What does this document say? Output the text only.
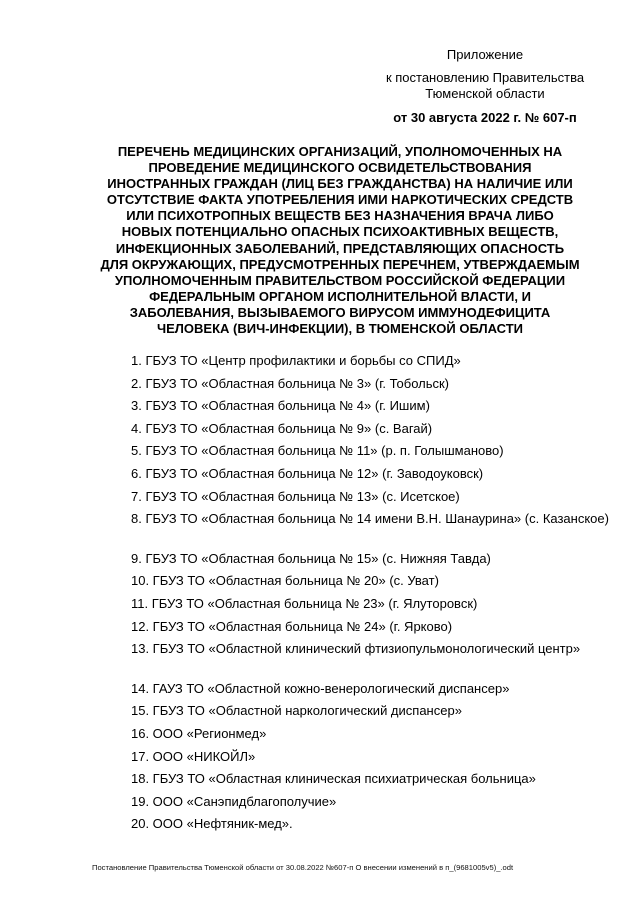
Приложение
к постановлению Правительства
Тюменской области
от 30 августа 2022 г. № 607-п
ПЕРЕЧЕНЬ МЕДИЦИНСКИХ ОРГАНИЗАЦИЙ, УПОЛНОМОЧЕННЫХ НА
ПРОВЕДЕНИЕ МЕДИЦИНСКОГО ОСВИДЕТЕЛЬСТВОВАНИЯ
ИНОСТРАННЫХ ГРАЖДАН (ЛИЦ БЕЗ ГРАЖДАНСТВА) НА НАЛИЧИЕ ИЛИ
ОТСУТСТВИЕ ФАКТА УПОТРЕБЛЕНИЯ ИМИ НАРКОТИЧЕСКИХ СРЕДСТВ
ИЛИ ПСИХОТРОПНЫХ ВЕЩЕСТВ БЕЗ НАЗНАЧЕНИЯ ВРАЧА ЛИБО
НОВЫХ ПОТЕНЦИАЛЬНО ОПАСНЫХ ПСИХОАКТИВНЫХ ВЕЩЕСТВ,
ИНФЕКЦИОННЫХ ЗАБОЛЕВАНИЙ, ПРЕДСТАВЛЯЮЩИХ ОПАСНОСТЬ
ДЛЯ ОКРУЖАЮЩИХ, ПРЕДУСМОТРЕННЫХ ПЕРЕЧНЕМ, УТВЕРЖДАЕМЫМ
УПОЛНОМОЧЕННЫМ ПРАВИТЕЛЬСТВОМ РОССИЙСКОЙ ФЕДЕРАЦИИ
ФЕДЕРАЛЬНЫМ ОРГАНОМ ИСПОЛНИТЕЛЬНОЙ ВЛАСТИ, И
ЗАБОЛЕВАНИЯ, ВЫЗЫВАЕМОГО ВИРУСОМ ИММУНОДЕФИЦИТА
ЧЕЛОВЕКА (ВИЧ-ИНФЕКЦИИ), В ТЮМЕНСКОЙ ОБЛАСТИ
1. ГБУЗ ТО «Центр профилактики и борьбы со СПИД»
2. ГБУЗ ТО «Областная больница № 3» (г. Тобольск)
3. ГБУЗ ТО «Областная больница № 4» (г. Ишим)
4. ГБУЗ ТО «Областная больница № 9» (с. Вагай)
5. ГБУЗ ТО «Областная больница № 11» (р. п. Голышманово)
6. ГБУЗ ТО «Областная больница № 12» (г. Заводоуковск)
7. ГБУЗ ТО «Областная больница № 13» (с. Исетское)
8. ГБУЗ ТО «Областная больница № 14 имени В.Н. Шанаурина» (с. Казанское)
9. ГБУЗ ТО «Областная больница № 15» (с. Нижняя Тавда)
10. ГБУЗ ТО «Областная больница № 20» (с. Уват)
11. ГБУЗ ТО «Областная больница № 23» (г. Ялуторовск)
12. ГБУЗ ТО «Областная больница № 24» (г. Ярково)
13. ГБУЗ ТО «Областной клинический фтизиопульмонологический центр»
14. ГАУЗ ТО «Областной кожно-венерологический диспансер»
15. ГБУЗ ТО «Областной наркологический диспансер»
16. ООО «Регионмед»
17. ООО «НИКОЙЛ»
18. ГБУЗ ТО «Областная клиническая психиатрическая больница»
19. ООО «Санэпидблагополучие»
20. ООО «Нефтяник-мед».
Постановление Правительства Тюменской области от 30.08.2022 №607-п О внесении изменений в п_(9681005v5)_.odt
